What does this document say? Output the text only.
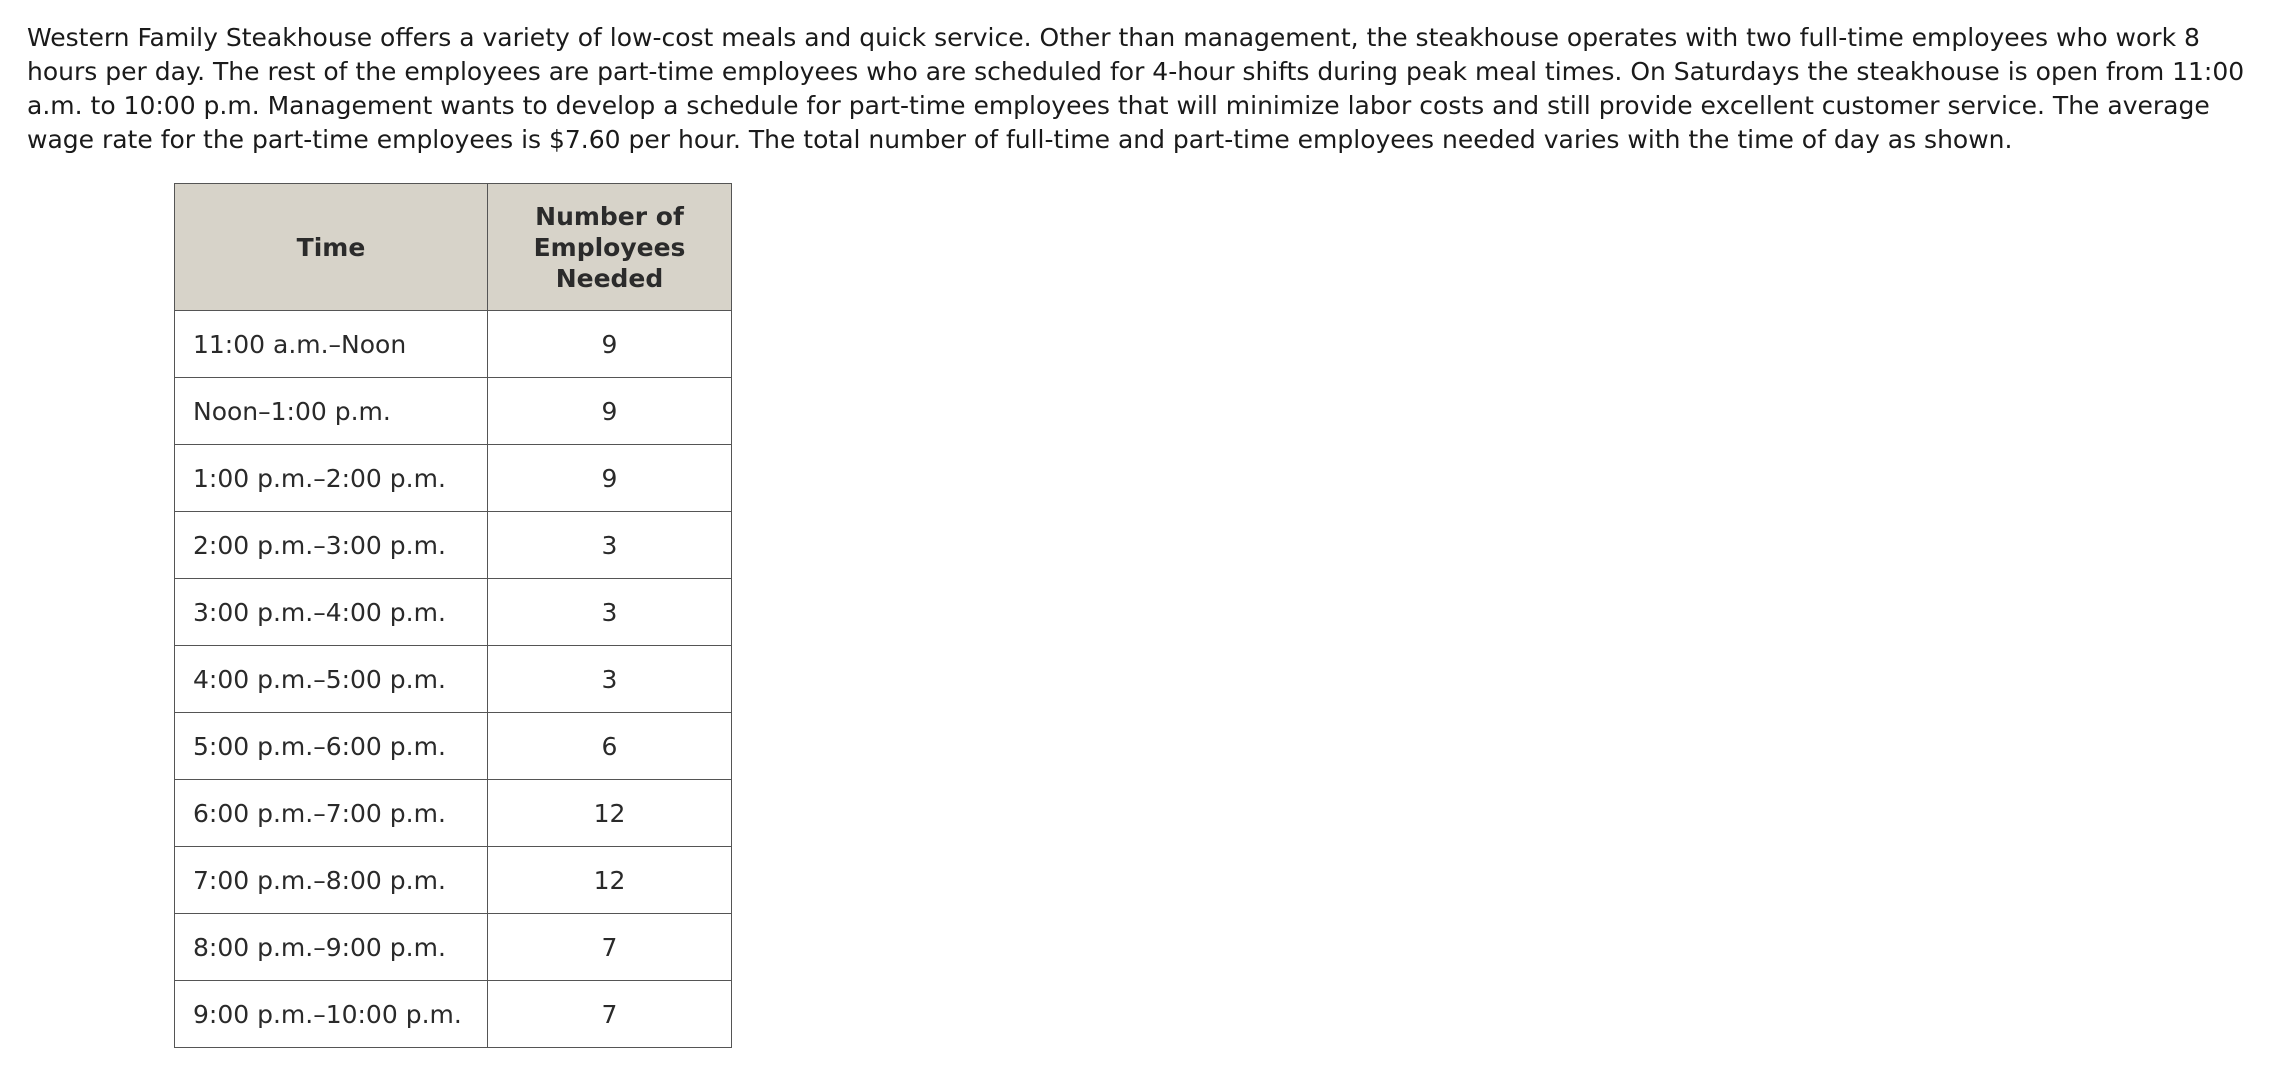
Western Family Steakhouse offers a variety of low-cost meals and quick service. Other than management, the steakhouse operates with two full-time employees who work 8 hours per day. The rest of the employees are part-time employees who are scheduled for 4-hour shifts during peak meal times. On Saturdays the steakhouse is open from 11:00 a.m. to 10:00 p.m. Management wants to develop a schedule for part-time employees that will minimize labor costs and still provide excellent customer service. The average wage rate for the part-time employees is $7.60 per hour. The total number of full-time and part-time employees needed varies with the time of day as shown.

Time	Number of
Employees
Needed

11:00 a.m.–Noon	9
Noon–1:00 p.m.	9
1:00 p.m.–2:00 p.m.	9
2:00 p.m.–3:00 p.m.	3
3:00 p.m.–4:00 p.m.	3
4:00 p.m.–5:00 p.m.	3
5:00 p.m.–6:00 p.m.	6
6:00 p.m.–7:00 p.m.	12
7:00 p.m.–8:00 p.m.	12
8:00 p.m.–9:00 p.m.	7
9:00 p.m.–10:00 p.m.	7
